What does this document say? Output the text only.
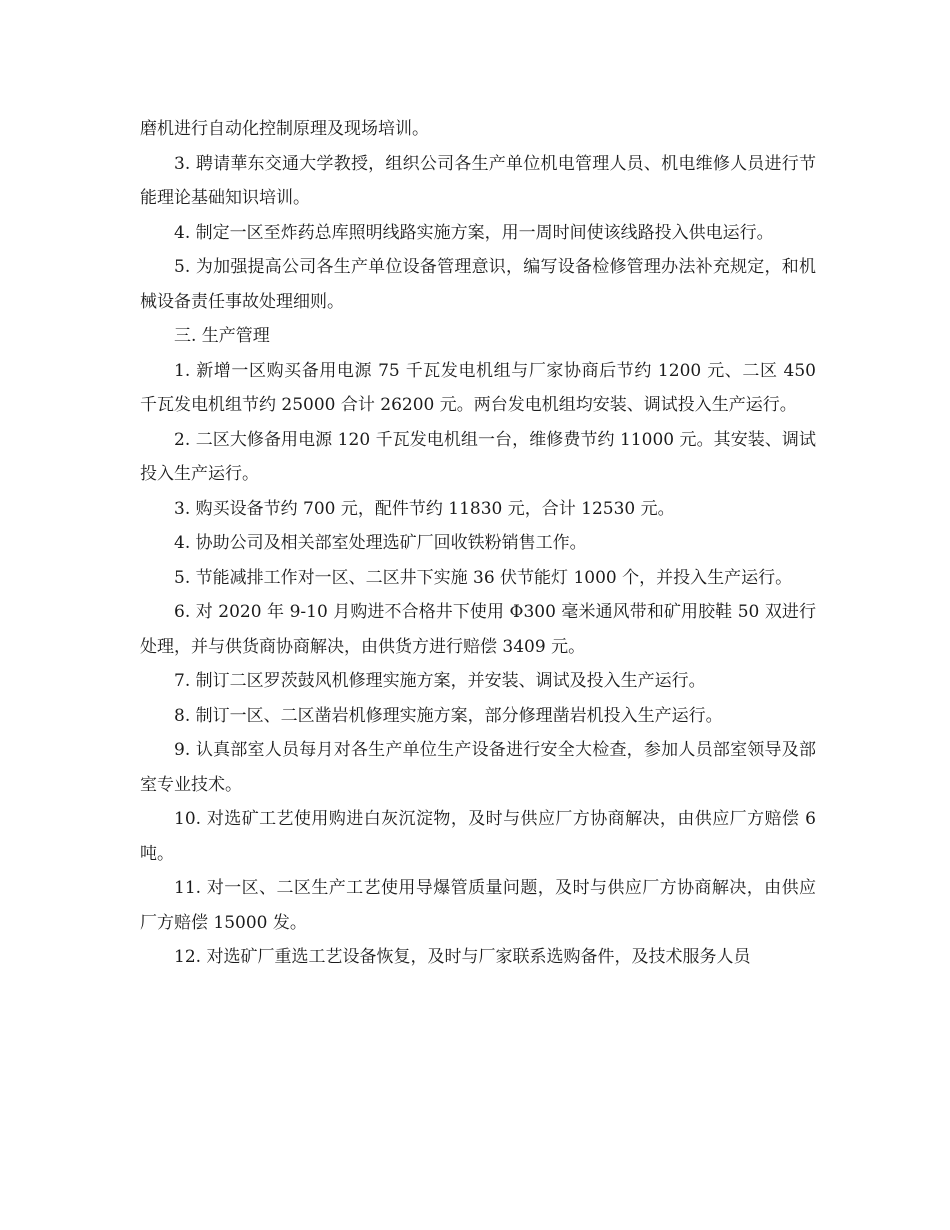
磨机进行自动化控制原理及现场培训。

3. 聘请華东交通大学教授，组织公司各生产单位机电管理人员、机电维修人员进行节能理论基础知识培训。

4. 制定一区至炸药总库照明线路实施方案，用一周时间使该线路投入供电运行。

5. 为加强提高公司各生产单位设备管理意识，编写设备检修管理办法补充规定，和机械设备责任事故处理细则。

三. 生产管理

1. 新增一区购买备用电源 75 千瓦发电机组与厂家协商后节约 1200 元、二区 450 千瓦发电机组节约 25000 合计 26200 元。两台发电机组均安装、调试投入生产运行。

2. 二区大修备用电源 120 千瓦发电机组一台，维修费节约 11000 元。其安装、调试投入生产运行。

3. 购买设备节约 700 元，配件节约 11830 元，合计 12530 元。

4. 协助公司及相关部室处理选矿厂回收铁粉销售工作。

5. 节能减排工作对一区、二区井下实施 36 伏节能灯 1000 个，并投入生产运行。

6. 对 2020 年 9-10 月购进不合格井下使用 Φ300 毫米通风带和矿用胶鞋 50 双进行处理，并与供货商协商解决，由供货方进行赔偿 3409 元。

7. 制订二区罗茨鼓风机修理实施方案，并安装、调试及投入生产运行。

8. 制订一区、二区凿岩机修理实施方案，部分修理凿岩机投入生产运行。

9. 认真部室人员每月对各生产单位生产设备进行安全大检查，参加人员部室领导及部室专业技术。

10. 对选矿工艺使用购进白灰沉淀物，及时与供应厂方协商解决，由供应厂方赔偿 6 吨。

11. 对一区、二区生产工艺使用导爆管质量问题，及时与供应厂方协商解决，由供应厂方赔偿 15000 发。

12. 对选矿厂重选工艺设备恢复，及时与厂家联系选购备件，及技术服务人员
